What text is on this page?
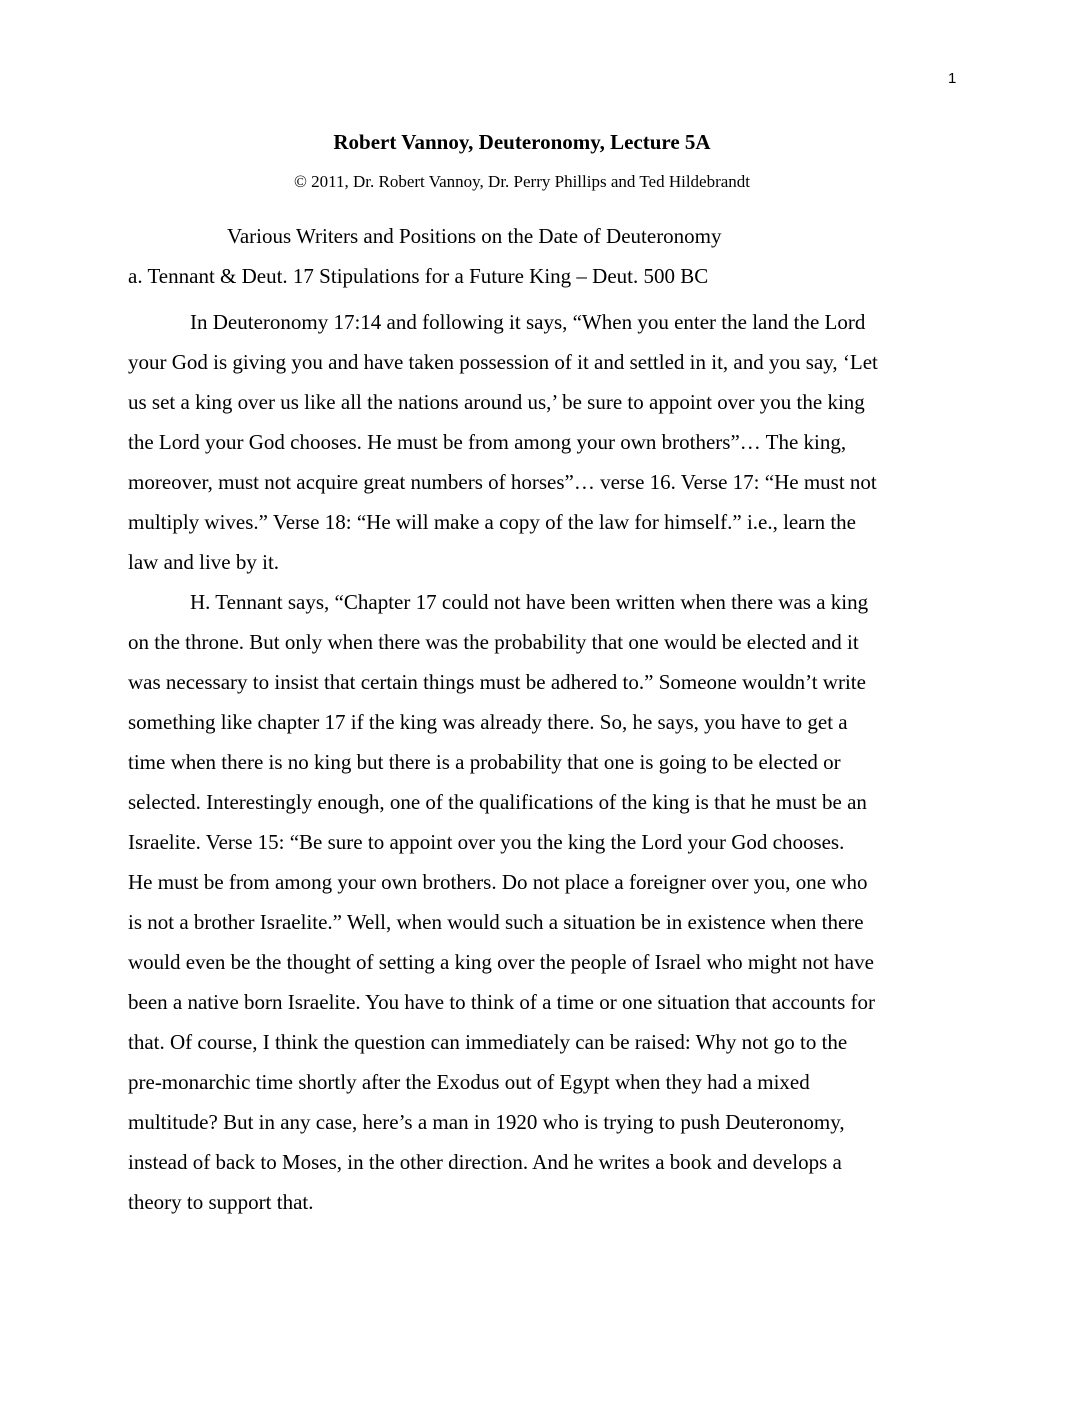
1
Robert Vannoy, Deuteronomy, Lecture 5A
© 2011, Dr. Robert Vannoy, Dr. Perry Phillips and Ted Hildebrandt
Various Writers and Positions on the Date of Deuteronomy
a. Tennant & Deut. 17 Stipulations for a Future King – Deut. 500 BC

In Deuteronomy 17:14 and following it says, “When you enter the land the Lord

your God is giving you and have taken possession of it and settled in it, and you say, ‘Let

us set a king over us like all the nations around us,’ be sure to appoint over you the king

the Lord your God chooses. He must be from among your own brothers”… The king,

moreover, must not acquire great numbers of horses”… verse 16. Verse 17: “He must not

multiply wives.” Verse 18: “He will make a copy of the law for himself.” i.e., learn the

law and live by it.

H. Tennant says, “Chapter 17 could not have been written when there was a king

on the throne. But only when there was the probability that one would be elected and it

was necessary to insist that certain things must be adhered to.” Someone wouldn’t write

something like chapter 17 if the king was already there. So, he says, you have to get a

time when there is no king but there is a probability that one is going to be elected or

selected. Interestingly enough, one of the qualifications of the king is that he must be an

Israelite. Verse 15: “Be sure to appoint over you the king the Lord your God chooses.

He must be from among your own brothers. Do not place a foreigner over you, one who

is not a brother Israelite.” Well, when would such a situation be in existence when there

would even be the thought of setting a king over the people of Israel who might not have

been a native born Israelite. You have to think of a time or one situation that accounts for

that. Of course, I think the question can immediately can be raised: Why not go to the

pre-monarchic time shortly after the Exodus out of Egypt when they had a mixed

multitude? But in any case, here’s a man in 1920 who is trying to push Deuteronomy,

instead of back to Moses, in the other direction. And he writes a book and develops a

theory to support that.
